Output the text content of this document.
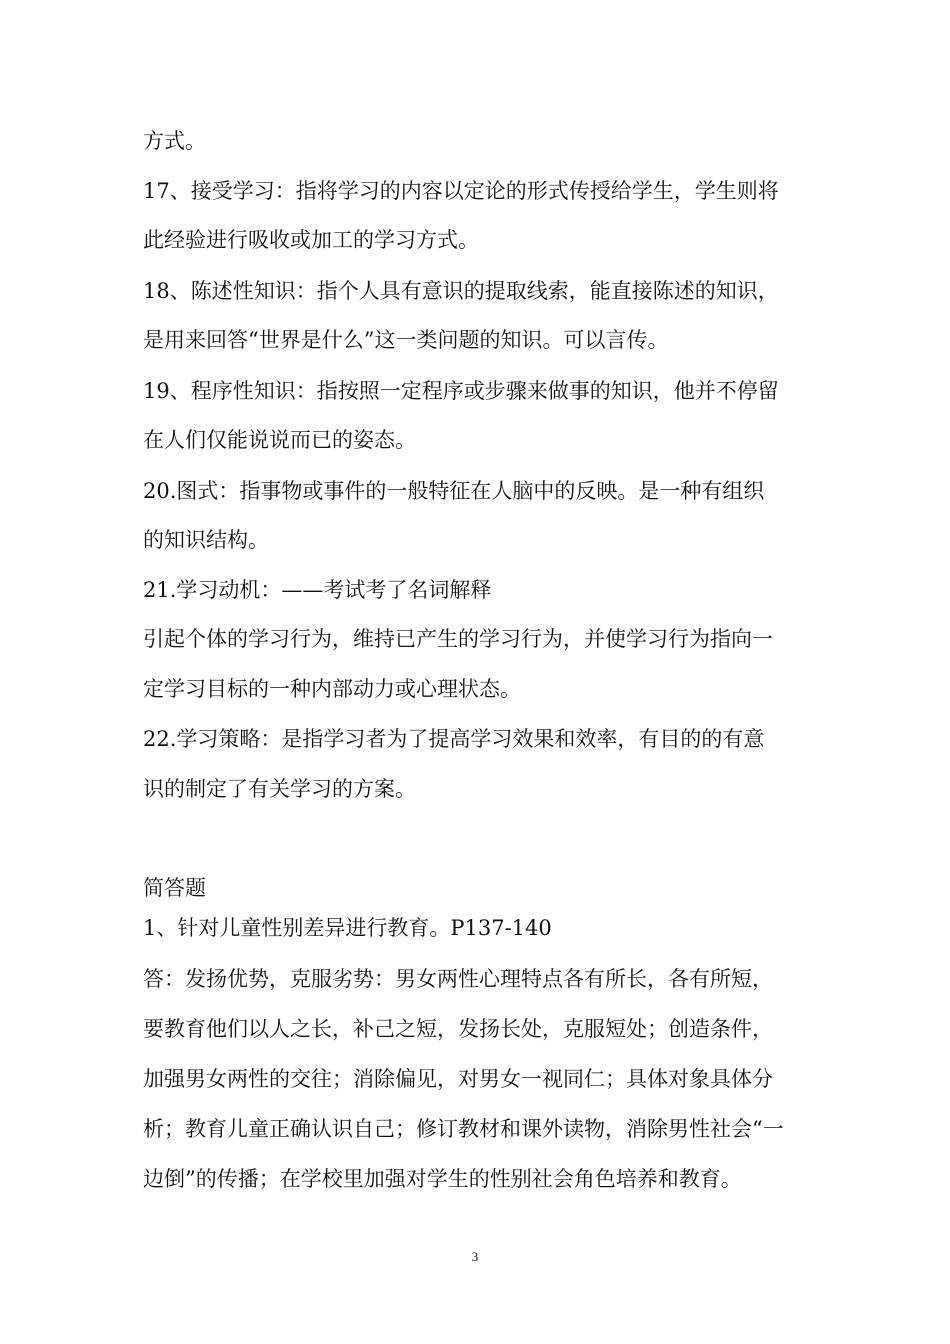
方式。
17、接受学习：指将学习的内容以定论的形式传授给学生，学生则将
此经验进行吸收或加工的学习方式。
18、陈述性知识：指个人具有意识的提取线索，能直接陈述的知识，
是用来回答“世界是什么”这一类问题的知识。可以言传。
19、程序性知识：指按照一定程序或步骤来做事的知识，他并不停留
在人们仅能说说而已的姿态。
20.图式：指事物或事件的一般特征在人脑中的反映。是一种有组织
的知识结构。
21.学习动机：——考试考了名词解释
引起个体的学习行为，维持已产生的学习行为，并使学习行为指向一
定学习目标的一种内部动力或心理状态。
22.学习策略：是指学习者为了提高学习效果和效率，有目的的有意
识的制定了有关学习的方案。
简答题
1、针对儿童性别差异进行教育。P137-140
答：发扬优势，克服劣势：男女两性心理特点各有所长，各有所短，
要教育他们以人之长，补己之短，发扬长处，克服短处；创造条件，
加强男女两性的交往；消除偏见，对男女一视同仁；具体对象具体分
析；教育儿童正确认识自己；修订教材和课外读物，消除男性社会“一
边倒”的传播；在学校里加强对学生的性别社会角色培养和教育。
3
